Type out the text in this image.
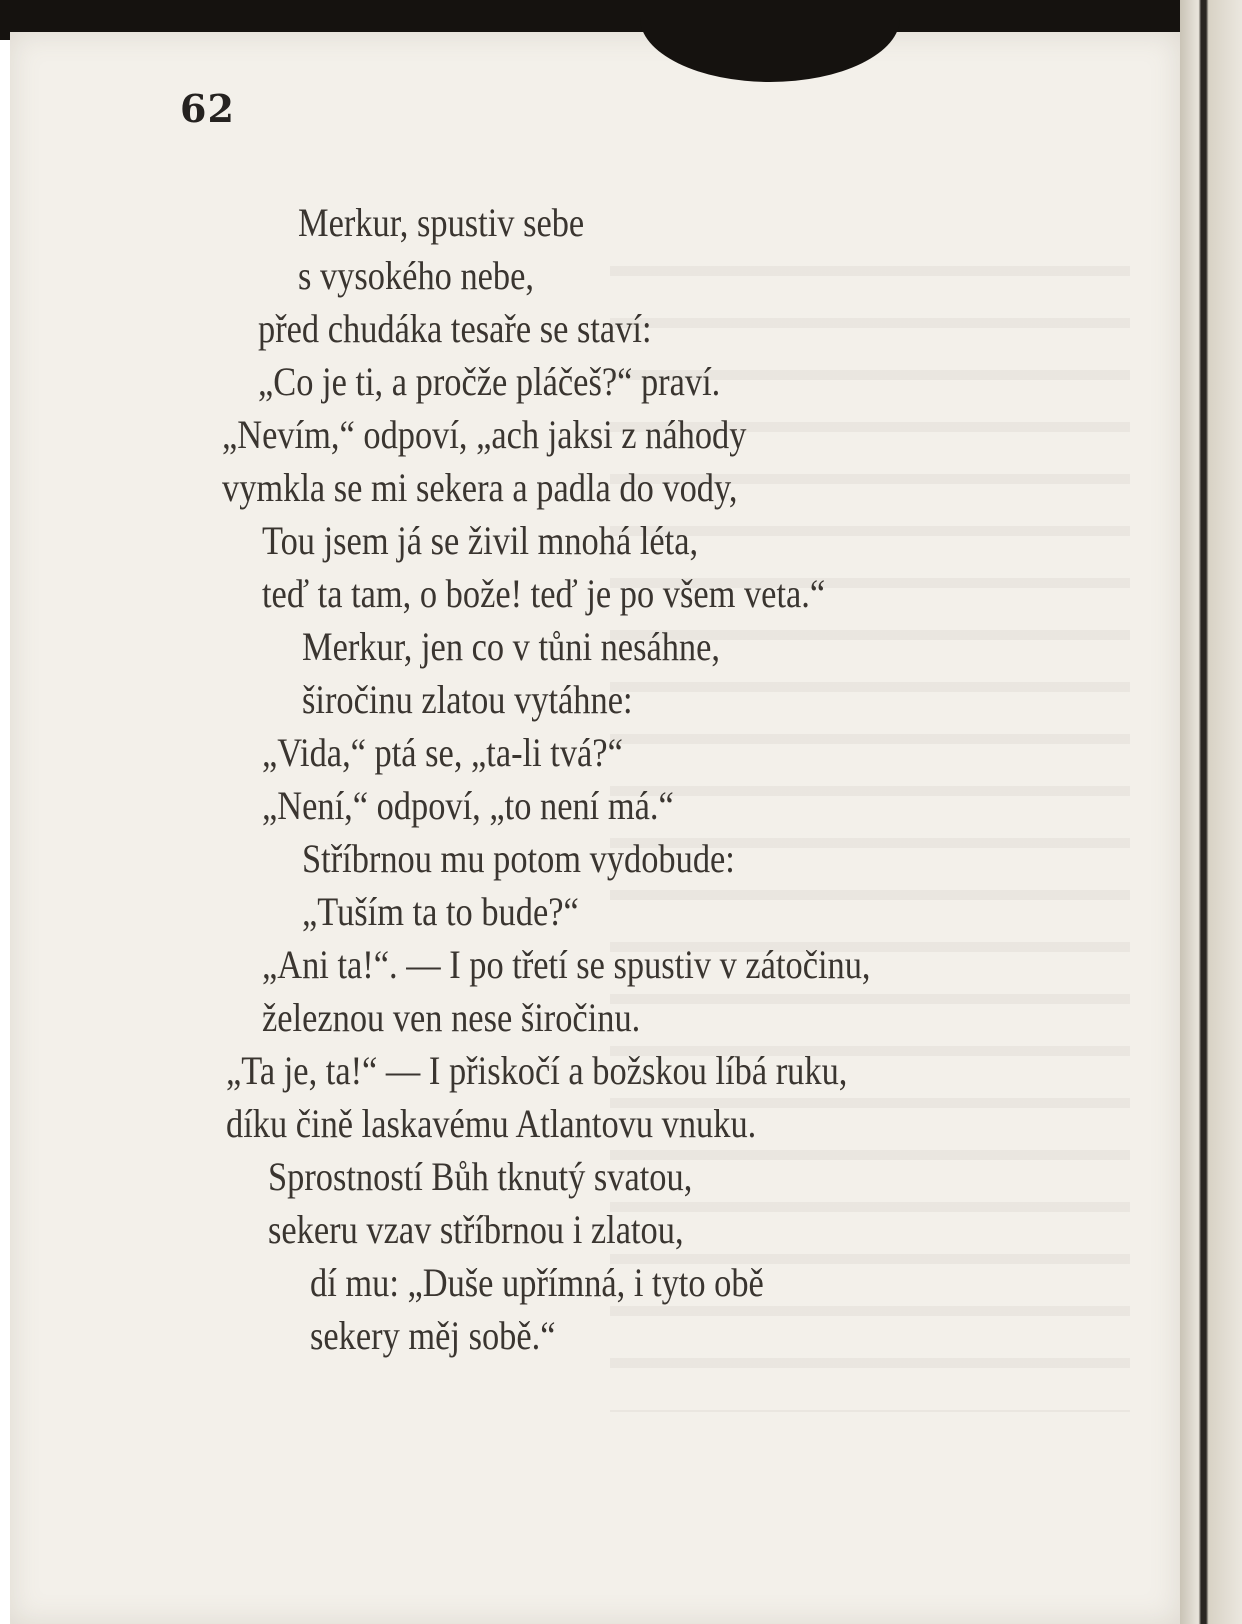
62

Merkur, spustiv sebe

s vysokého nebe,

před chudáka tesaře se staví:

„Co je ti, a pročže pláčeš?“ praví.

„Nevím,“ odpoví, „ach jaksi z náhody

vymkla se mi sekera a padla do vody,

Tou jsem já se živil mnohá léta,

teď ta tam, o bože! teď je po všem veta.“

Merkur, jen co v tůni nesáhne,

širočinu zlatou vytáhne:

„Vida,“ ptá se, „ta-li tvá?“

„Není,“ odpoví, „to není má.“

Stříbrnou mu potom vydobude:

„Tuším ta to bude?“

„Ani ta!“. — I po třetí se spustiv v zátočinu,

železnou ven nese širočinu.

„Ta je, ta!“ — I přiskočí a božskou líbá ruku,

díku čině laskavému Atlantovu vnuku.

Sprostností Bůh tknutý svatou,

sekeru vzav stříbrnou i zlatou,

dí mu: „Duše upřímná, i tyto obě

sekery měj sobě.“
